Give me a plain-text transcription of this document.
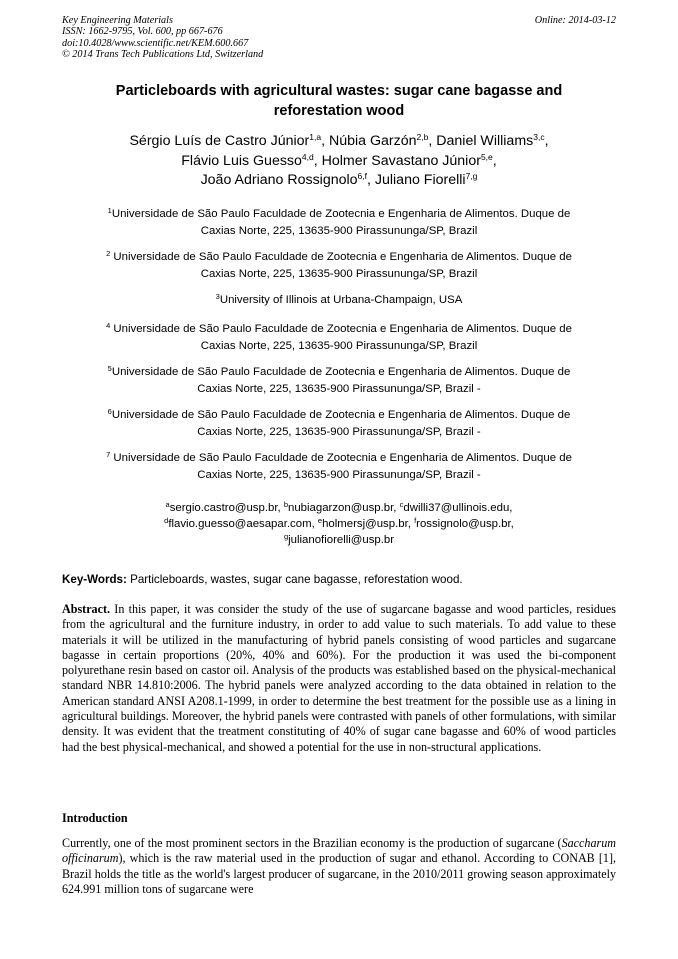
Key Engineering Materials
ISSN: 1662-9795, Vol. 600, pp 667-676
doi:10.4028/www.scientific.net/KEM.600.667
© 2014 Trans Tech Publications Ltd, Switzerland
Online: 2014-03-12
Particleboards with agricultural wastes: sugar cane bagasse and
reforestation wood
Sérgio Luís de Castro Júnior$^{1,a}$, Núbia Garzón$^{2,b}$, Daniel Williams$^{3,c}$,
Flávio Luis Guesso$^{4,d}$, Holmer Savastano Júnior$^{5,e}$,
João Adriano Rossignolo$^{6,f}$, Juliano Fiorelli$^{7,g}$
$^1$Universidade de São Paulo Faculdade de Zootecnia e Engenharia de Alimentos. Duque de
Caxias Norte, 225, 13635-900 Pirassununga/SP, Brazil
$^2$ Universidade de São Paulo Faculdade de Zootecnia e Engenharia de Alimentos. Duque de
Caxias Norte, 225, 13635-900 Pirassununga/SP, Brazil
$^3$University of Illinois at Urbana-Champaign, USA
$^4$ Universidade de São Paulo Faculdade de Zootecnia e Engenharia de Alimentos. Duque de
Caxias Norte, 225, 13635-900 Pirassununga/SP, Brazil
$^5$Universidade de São Paulo Faculdade de Zootecnia e Engenharia de Alimentos. Duque de
Caxias Norte, 225, 13635-900 Pirassununga/SP, Brazil -
$^6$Universidade de São Paulo Faculdade de Zootecnia e Engenharia de Alimentos. Duque de
Caxias Norte, 225, 13635-900 Pirassununga/SP, Brazil -
$^7$ Universidade de São Paulo Faculdade de Zootecnia e Engenharia de Alimentos. Duque de
Caxias Norte, 225, 13635-900 Pirassununga/SP, Brazil -
$^a$sergio.castro@usp.br, $^b$nubiagarzon@usp.br, $^c$dwilli37@ullinois.edu,
$^d$flavio.guesso@aesapar.com, $^e$holmersj@usp.br, $^f$rossignolo@usp.br,
$^g$julianofiorelli@usp.br
Key-Words: Particleboards, wastes, sugar cane bagasse, reforestation wood.
Abstract. In this paper, it was consider the study of the use of sugarcane bagasse and wood particles, residues from the agricultural and the furniture industry, in order to add value to such materials. To add value to these materials it will be utilized in the manufacturing of hybrid panels consisting of wood particles and sugarcane bagasse in certain proportions (20%, 40% and 60%). For the production it was used the bi-component polyurethane resin based on castor oil. Analysis of the products was established based on the physical-mechanical standard NBR 14.810:2006. The hybrid panels were analyzed according to the data obtained in relation to the American standard ANSI A208.1-1999, in order to determine the best treatment for the possible use as a lining in agricultural buildings. Moreover, the hybrid panels were contrasted with panels of other formulations, with similar density. It was evident that the treatment constituting of 40% of sugar cane bagasse and 60% of wood particles had the best physical-mechanical, and showed a potential for the use in non-structural applications.
Introduction
Currently, one of the most prominent sectors in the Brazilian economy is the production of sugarcane (Saccharum officinarum), which is the raw material used in the production of sugar and ethanol. According to CONAB [1], Brazil holds the title as the world's largest producer of sugarcane, in the 2010/2011 growing season approximately 624.991 million tons of sugarcane were
